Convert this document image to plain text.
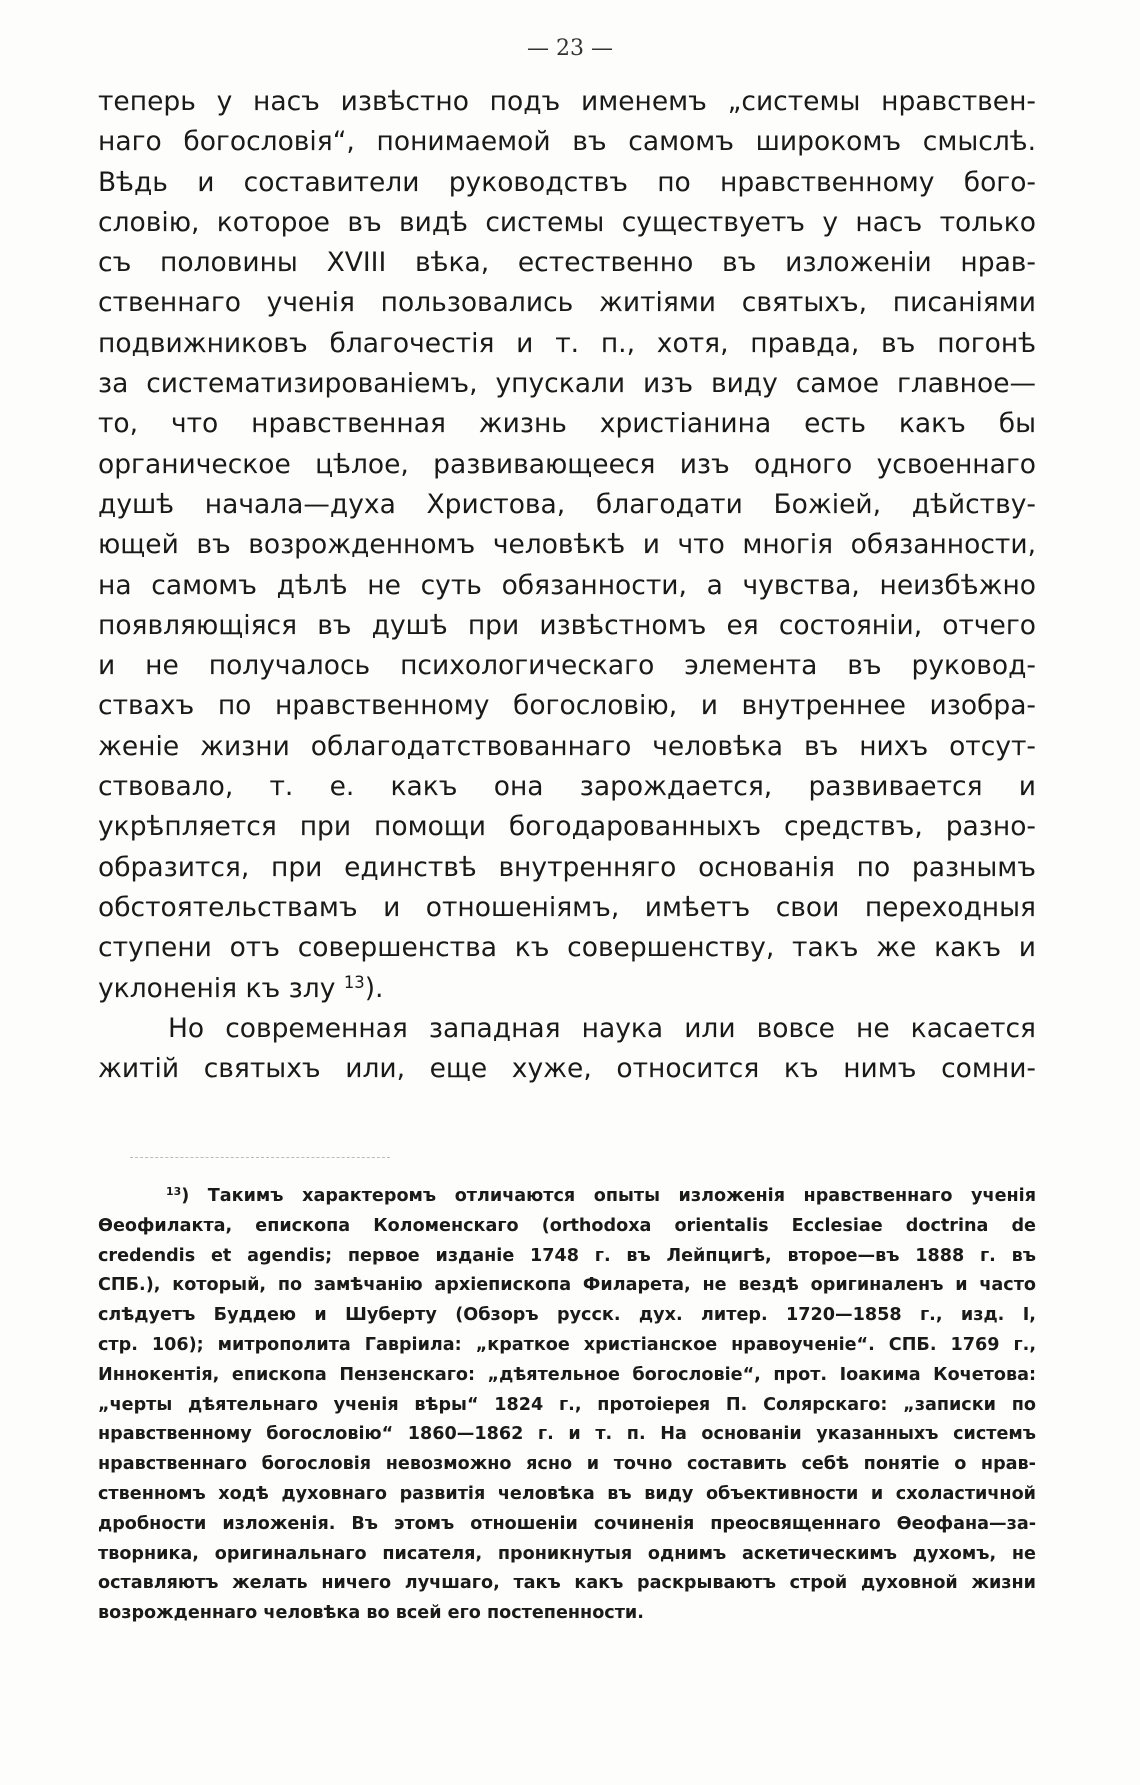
— 23 —
теперь у насъ извѣстно подъ именемъ „системы нравствен-
наго богословія“, понимаемой въ самомъ широкомъ смыслѣ.
Вѣдь и составители руководствъ по нравственному бого-
словію, которое въ видѣ системы существуетъ у насъ только
съ половины XVIII вѣка, естественно въ изложеніи нрав-
ственнаго ученія пользовались житіями святыхъ, писаніями
подвижниковъ благочестія и т. п., хотя, правда, въ погонѣ
за систематизированіемъ, упускали изъ виду самое главное—
то, что нравственная жизнь христіанина есть какъ бы
органическое цѣлое, развивающееся изъ одного усвоеннаго
душѣ начала—духа Христова, благодати Божіей, дѣйству-
ющей въ возрожденномъ человѣкѣ и что многія обязанности,
на самомъ дѣлѣ не суть обязанности, а чувства, неизбѣжно
появляющіяся въ душѣ при извѣстномъ ея состояніи, отчего
и не получалось психологическаго элемента въ руковод-
ствахъ по нравственному богословію, и внутреннее изобра-
женіе жизни облагодатствованнаго человѣка въ нихъ отсут-
ствовало, т. е. какъ она зарождается, развивается и
укрѣпляется при помощи богодарованныхъ средствъ, разно-
образится, при единствѣ внутренняго основанія по разнымъ
обстоятельствамъ и отношеніямъ, имѣетъ свои переходныя
ступени отъ совершенства къ совершенству, такъ же какъ и
уклоненія къ злу $^{13}$).
Но современная западная наука или вовсе не касается
житій святыхъ или, еще хуже, относится къ нимъ сомни-
$^{13}$) Такимъ характеромъ отличаются опыты изложенія нравственнаго ученія
Өеофилакта, епископа Коломенскаго (orthodoxa orientalis Ecclesiae doctrina de
credendis et agendis; первое изданіе 1748 г. въ Лейпцигѣ, второе—въ 1888 г. въ
СПБ.), который, по замѣчанію архіепископа Филарета, не вездѣ оригиналенъ и часто
слѣдуетъ Буддею и Шуберту (Обзоръ русск. дух. литер. 1720—1858 г., изд. I,
стр. 106); митрополита Гавріила: „краткое христіанское нравоученіе“. СПБ. 1769 г.,
Иннокентія, епископа Пензенскаго: „дѣятельное богословіе“, прот. Іоакима Кочетова:
„черты дѣятельнаго ученія вѣры“ 1824 г., протоіерея П. Солярскаго: „записки по
нравственному богословію“ 1860—1862 г. и т. п. На основаніи указанныхъ системъ
нравственнаго богословія невозможно ясно и точно составить себѣ понятіе о нрав-
ственномъ ходѣ духовнаго развитія человѣка въ виду объективности и схоластичной
дробности изложенія. Въ этомъ отношеніи сочиненія преосвященнаго Өеофана—за-
творника, оригинальнаго писателя, проникнутыя однимъ аскетическимъ духомъ, не
оставляютъ желать ничего лучшаго, такъ какъ раскрываютъ строй духовной жизни
возрожденнаго человѣка во всей его постепенности.
